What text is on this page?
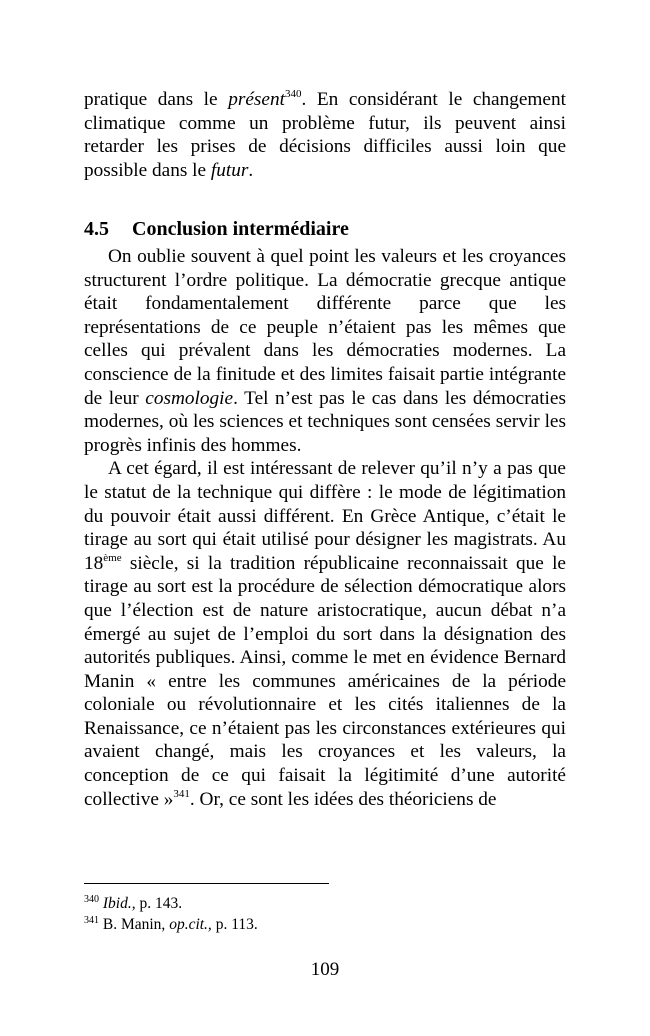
pratique dans le présent$^{340}$. En considérant le changement climatique comme un problème futur, ils peuvent ainsi retarder les prises de décisions difficiles aussi loin que possible dans le futur.

4.5 Conclusion intermédiaire

On oublie souvent à quel point les valeurs et les croyances structurent l’ordre politique. La démocratie grecque antique était fondamentalement différente parce que les représentations de ce peuple n’étaient pas les mêmes que celles qui prévalent dans les démocraties modernes. La conscience de la finitude et des limites faisait partie intégrante de leur cosmologie. Tel n’est pas le cas dans les démocraties modernes, où les sciences et techniques sont censées servir les progrès infinis des hommes.

A cet égard, il est intéressant de relever qu’il n’y a pas que le statut de la technique qui diffère : le mode de légitimation du pouvoir était aussi différent. En Grèce Antique, c’était le tirage au sort qui était utilisé pour désigner les magistrats. Au 18ème siècle, si la tradition républicaine reconnaissait que le tirage au sort est la procédure de sélection démocratique alors que l’élection est de nature aristocratique, aucun débat n’a émergé au sujet de l’emploi du sort dans la désignation des autorités publiques. Ainsi, comme le met en évidence Bernard Manin « entre les communes américaines de la période coloniale ou révolutionnaire et les cités italiennes de la Renaissance, ce n’étaient pas les circonstances extérieures qui avaient changé, mais les croyances et les valeurs, la conception de ce qui faisait la légitimité d’une autorité collective »$^{341}$. Or, ce sont les idées des théoriciens de

$^{340}$ Ibid., p. 143.

$^{341}$ B. Manin, op.cit., p. 113.

109
